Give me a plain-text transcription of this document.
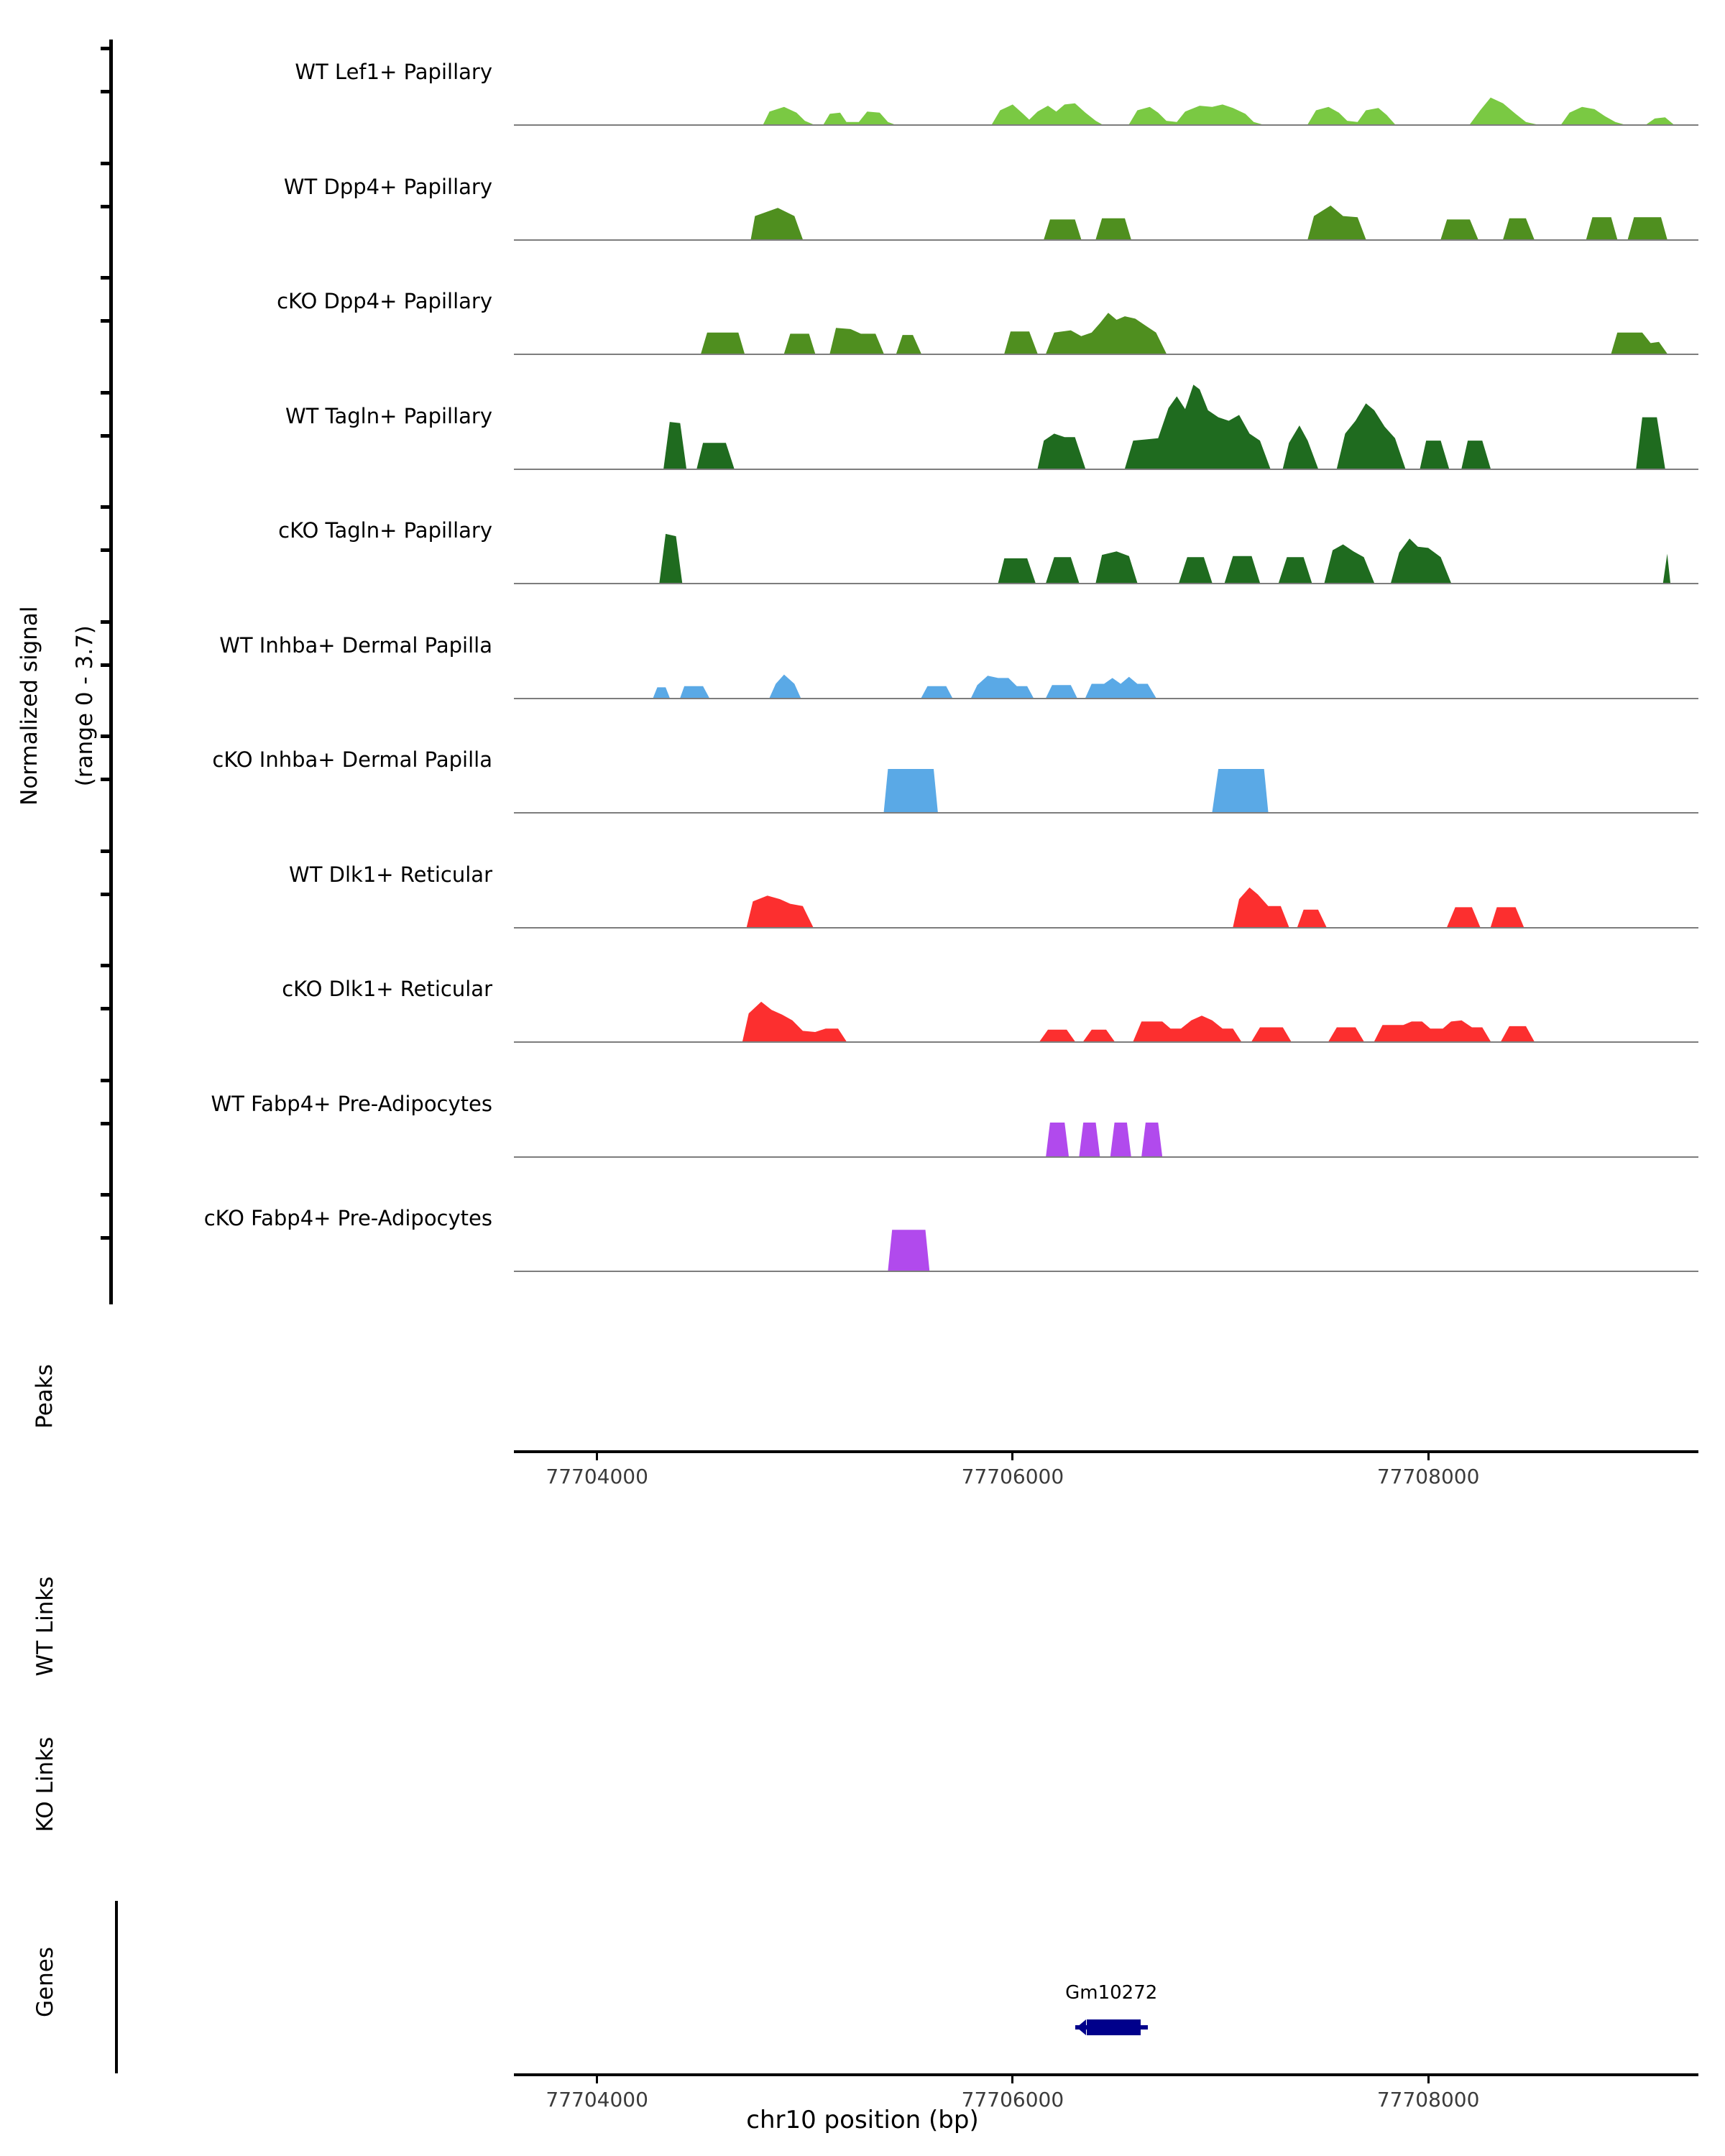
Normalized signal (range 0 - 3.7)

WT Lef1+ Papillary
WT Dpp4+ Papillary
cKO Dpp4+ Papillary
WT Tagln+ Papillary
cKO Tagln+ Papillary
WT Inhba+ Dermal Papilla
cKO Inhba+ Dermal Papilla
WT Dlk1+ Reticular
cKO Dlk1+ Reticular
WT Fabp4+ Pre-Adipocytes
cKO Fabp4+ Pre-Adipocytes
77704000	77706000	77708000
Peaks
WT Links
KO Links
Genes	Gm10272
77704000	77706000	77708000
chr10 position (bp)
